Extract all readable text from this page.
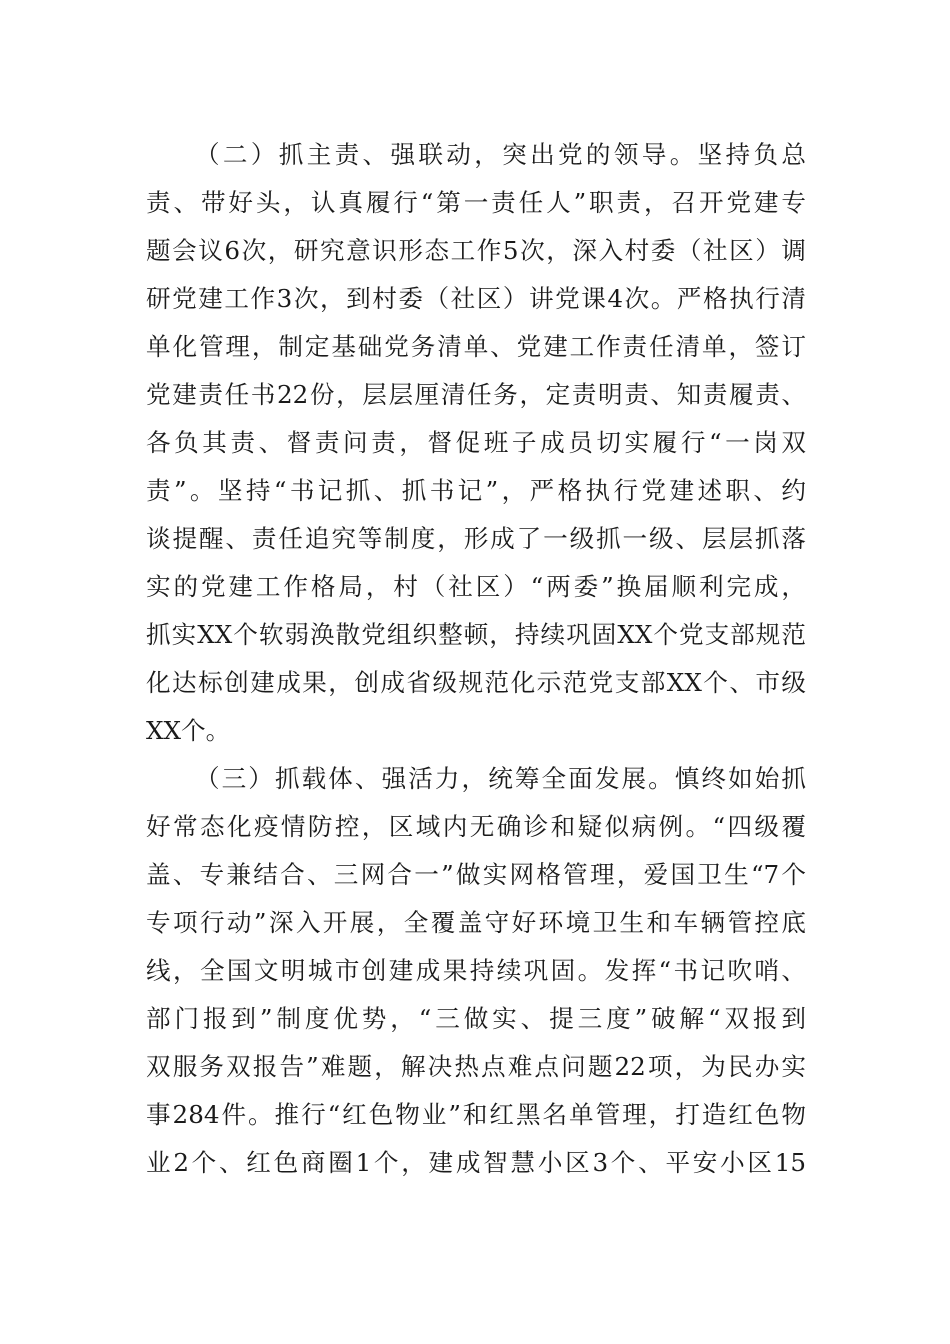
（二）抓主责、强联动，突出党的领导。坚持负总
责、带好头，认真履行“第一责任人”职责，召开党建专
题会议6次，研究意识形态工作5次，深入村委（社区）调
研党建工作3次，到村委（社区）讲党课4次。严格执行清
单化管理，制定基础党务清单、党建工作责任清单，签订
党建责任书22份，层层厘清任务，定责明责、知责履责、
各负其责、督责问责，督促班子成员切实履行“一岗双
责”。坚持“书记抓、抓书记”，严格执行党建述职、约
谈提醒、责任追究等制度，形成了一级抓一级、层层抓落
实的党建工作格局，村（社区）“两委”换届顺利完成，
抓实XX个软弱涣散党组织整顿，持续巩固XX个党支部规范
化达标创建成果，创成省级规范化示范党支部XX个、市级
XX个。
（三）抓载体、强活力，统筹全面发展。慎终如始抓
好常态化疫情防控，区域内无确诊和疑似病例。“四级覆
盖、专兼结合、三网合一”做实网格管理，爱国卫生“7个
专项行动”深入开展，全覆盖守好环境卫生和车辆管控底
线，全国文明城市创建成果持续巩固。发挥“书记吹哨、
部门报到”制度优势，“三做实、提三度”破解“双报到
双服务双报告”难题，解决热点难点问题22项，为民办实
事284件。推行“红色物业”和红黑名单管理，打造红色物
业2个、红色商圈1个，建成智慧小区3个、平安小区15
